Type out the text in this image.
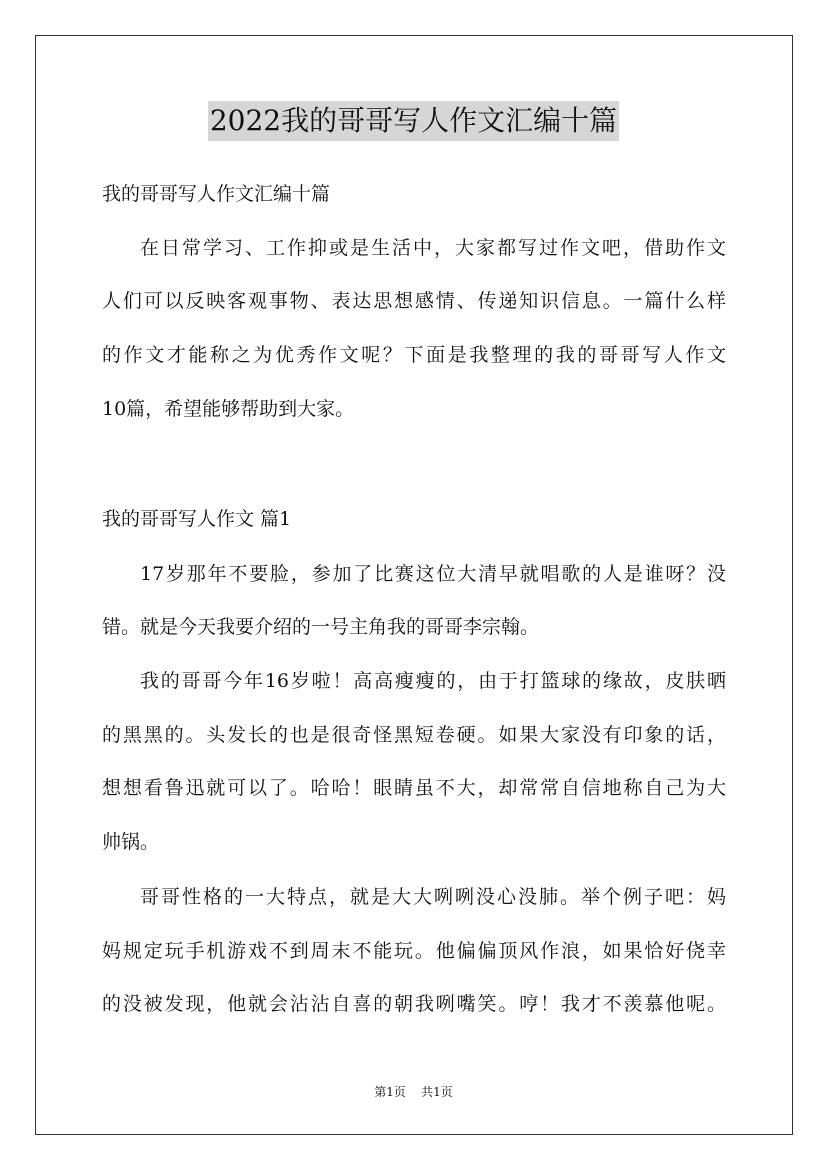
2022我的哥哥写人作文汇编十篇
我的哥哥写人作文汇编十篇
在日常学习、工作抑或是生活中，大家都写过作文吧，借助作文
人们可以反映客观事物、表达思想感情、传递知识信息。一篇什么样
的作文才能称之为优秀作文呢？下面是我整理的我的哥哥写人作文
10篇，希望能够帮助到大家。
我的哥哥写人作文 篇1
17岁那年不要脸，参加了比赛这位大清早就唱歌的人是谁呀？没
错。就是今天我要介绍的一号主角我的哥哥李宗翰。
我的哥哥今年16岁啦！高高瘦瘦的，由于打篮球的缘故，皮肤晒
的黑黑的。头发长的也是很奇怪黑短卷硬。如果大家没有印象的话，
想想看鲁迅就可以了。哈哈！眼睛虽不大，却常常自信地称自己为大
帅锅。
哥哥性格的一大特点，就是大大咧咧没心没肺。举个例子吧：妈
妈规定玩手机游戏不到周末不能玩。他偏偏顶风作浪，如果恰好侥幸
的没被发现，他就会沾沾自喜的朝我咧嘴笑。哼！我才不羡慕他呢。
第1页 共1页
